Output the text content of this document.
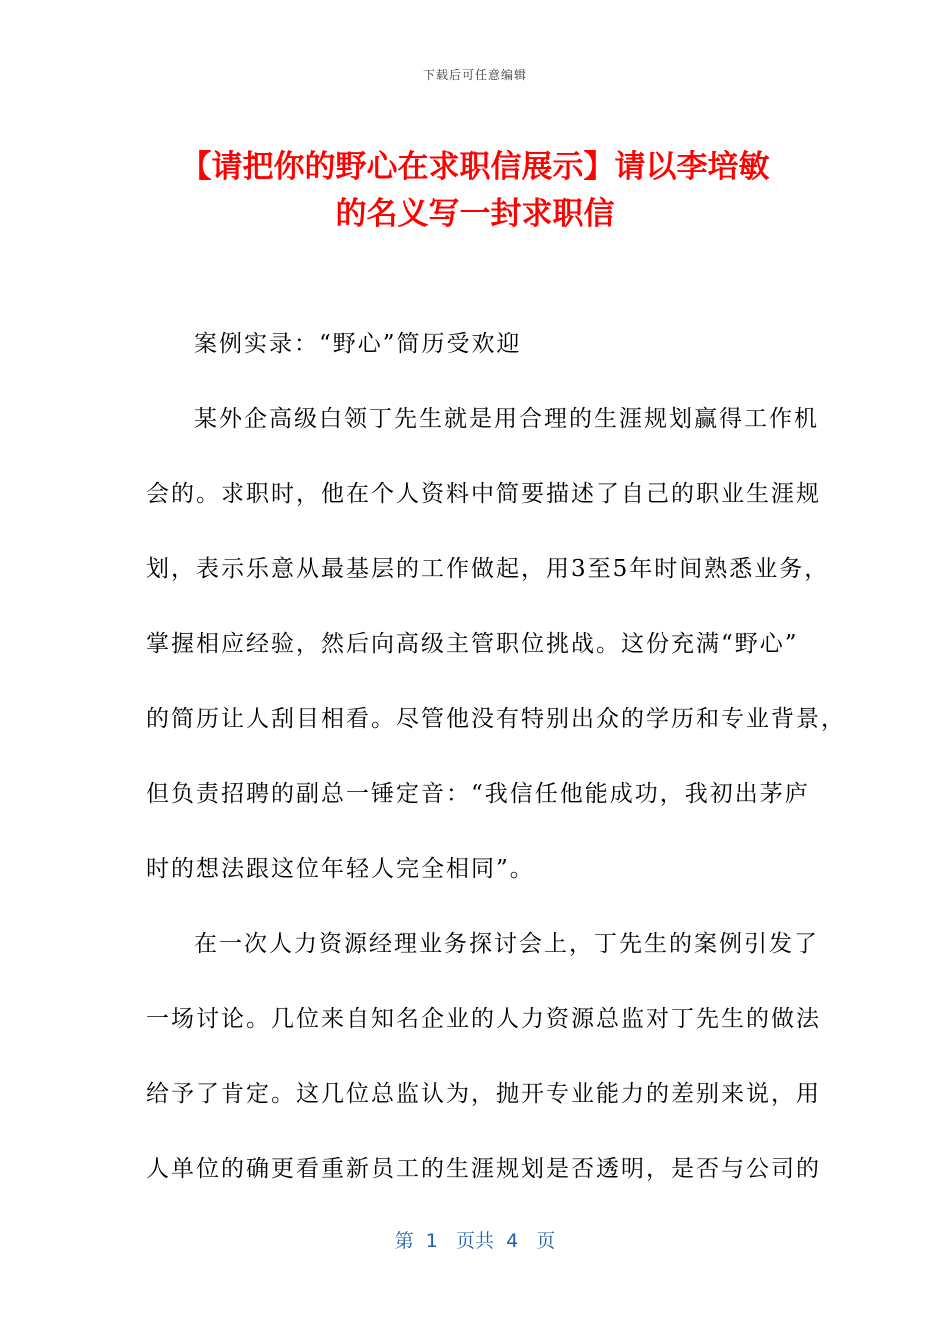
下载后可任意编辑
【请把你的野心在求职信展示】请以李培敏
的名义写一封求职信
案例实录：“野心”简历受欢迎
某外企高级白领丁先生就是用合理的生涯规划赢得工作机
会的。求职时，他在个人资料中简要描述了自己的职业生涯规
划，表示乐意从最基层的工作做起，用3至5年时间熟悉业务，
掌握相应经验，然后向高级主管职位挑战。这份充满“野心”
的简历让人刮目相看。尽管他没有特别出众的学历和专业背景，
但负责招聘的副总一锤定音：“我信任他能成功，我初出茅庐
时的想法跟这位年轻人完全相同”。
在一次人力资源经理业务探讨会上，丁先生的案例引发了
一场讨论。几位来自知名企业的人力资源总监对丁先生的做法
给予了肯定。这几位总监认为，抛开专业能力的差别来说，用
人单位的确更看重新员工的生涯规划是否透明，是否与公司的
第  1   页共  4   页
